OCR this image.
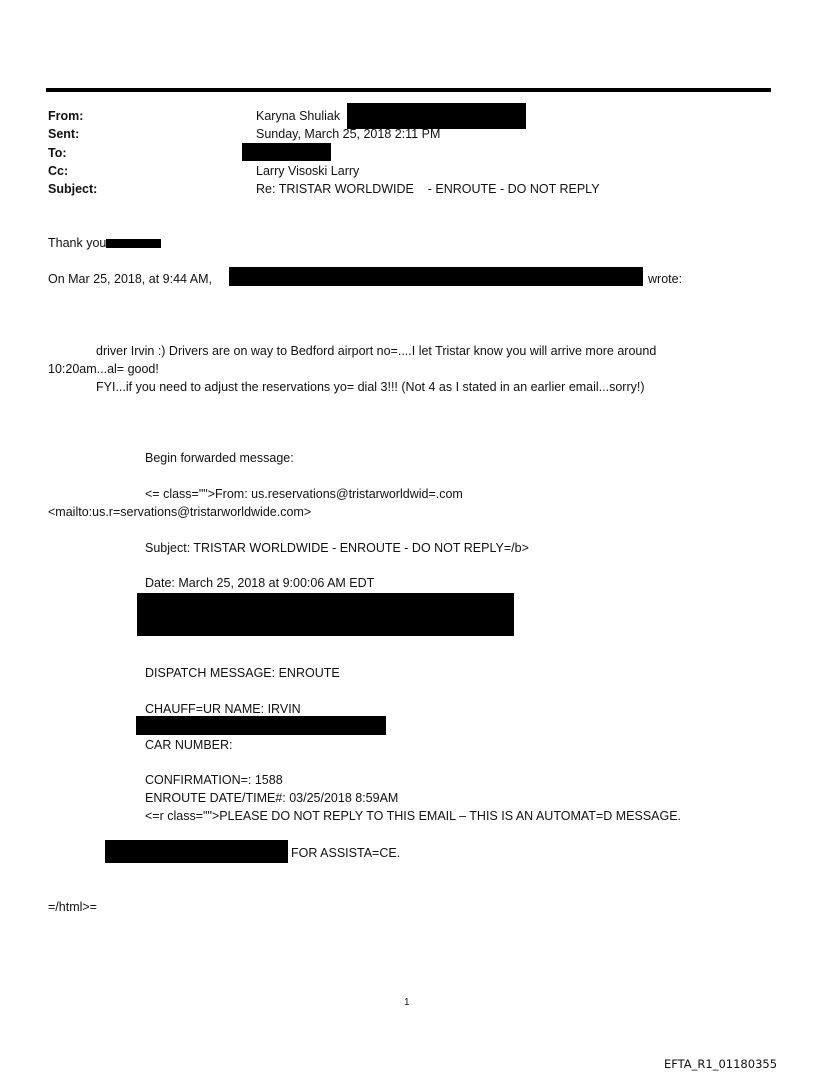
From:	Karyna Shuliak
Sent:	Sunday, March 25, 2018 2:11 PM
To:
Cc:	Larry Visoski Larry
Subject:	Re: TRISTAR WORLDWIDE    - ENROUTE - DO NOT REPLY
Thank you
On Mar 25, 2018, at 9:44 AM,	wrote:
driver Irvin :) Drivers are on way to Bedford airport no=....I let Tristar know you will arrive more around
10:20am...al= good!
FYI...if you need to adjust the reservations yo= dial 3!!! (Not 4 as I stated in an earlier email...sorry!)
Begin forwarded message:
<= class="">From: us.reservations@tristarworldwid=.com
<mailto:us.r=servations@tristarworldwide.com>
Subject: TRISTAR WORLDWIDE - ENROUTE - DO NOT REPLY=/b>
Date: March 25, 2018 at 9:00:06 AM EDT
DISPATCH MESSAGE: ENROUTE
CHAUFF=UR NAME: IRVIN
CAR NUMBER:
CONFIRMATION=: 1588
ENROUTE DATE/TIME#: 03/25/2018 8:59AM
<=r class="">PLEASE DO NOT REPLY TO THIS EMAIL – THIS IS AN AUTOMAT=D MESSAGE.
FOR ASSISTA=CE.
=/html>=
1
EFTA_R1_01180355
